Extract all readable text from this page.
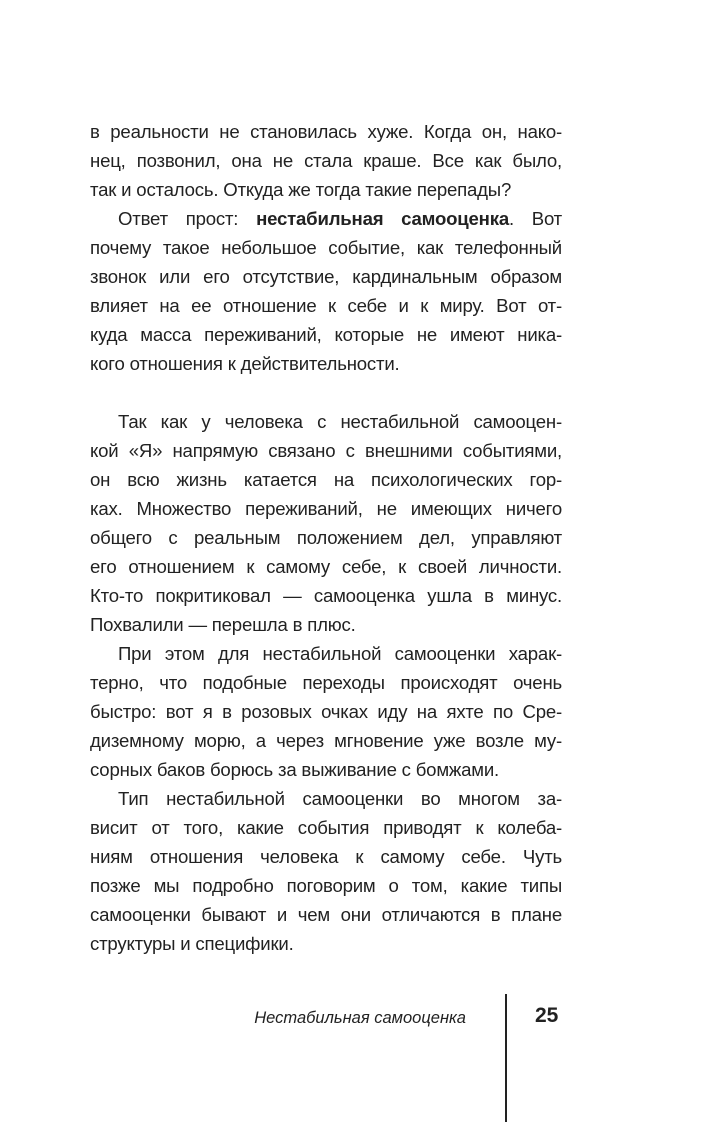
в реальности не становилась хуже. Когда он, нако-
нец, позвонил, она не стала краше. Все как было,
так и осталось. Откуда же тогда такие перепады?
Ответ прост: нестабильная самооценка. Вот
почему такое небольшое событие, как телефонный
звонок или его отсутствие, кардинальным образом
влияет на ее отношение к себе и к миру. Вот от-
куда масса переживаний, которые не имеют ника-
кого отношения к действительности.
Так как у человека с нестабильной самооцен-
кой «Я» напрямую связано с внешними событиями,
он всю жизнь катается на психологических гор-
ках. Множество переживаний, не имеющих ничего
общего с реальным положением дел, управляют
его отношением к самому себе, к своей личности.
Кто-то покритиковал — самооценка ушла в минус.
Похвалили — перешла в плюс.
При этом для нестабильной самооценки харак-
терно, что подобные переходы происходят очень
быстро: вот я в розовых очках иду на яхте по Сре-
диземному морю, а через мгновение уже возле му-
сорных баков борюсь за выживание с бомжами.
Тип нестабильной самооценки во многом за-
висит от того, какие события приводят к колеба-
ниям отношения человека к самому себе. Чуть
позже мы подробно поговорим о том, какие типы
самооценки бывают и чем они отличаются в плане
структуры и специфики.
Нестабильная самооценка	25
